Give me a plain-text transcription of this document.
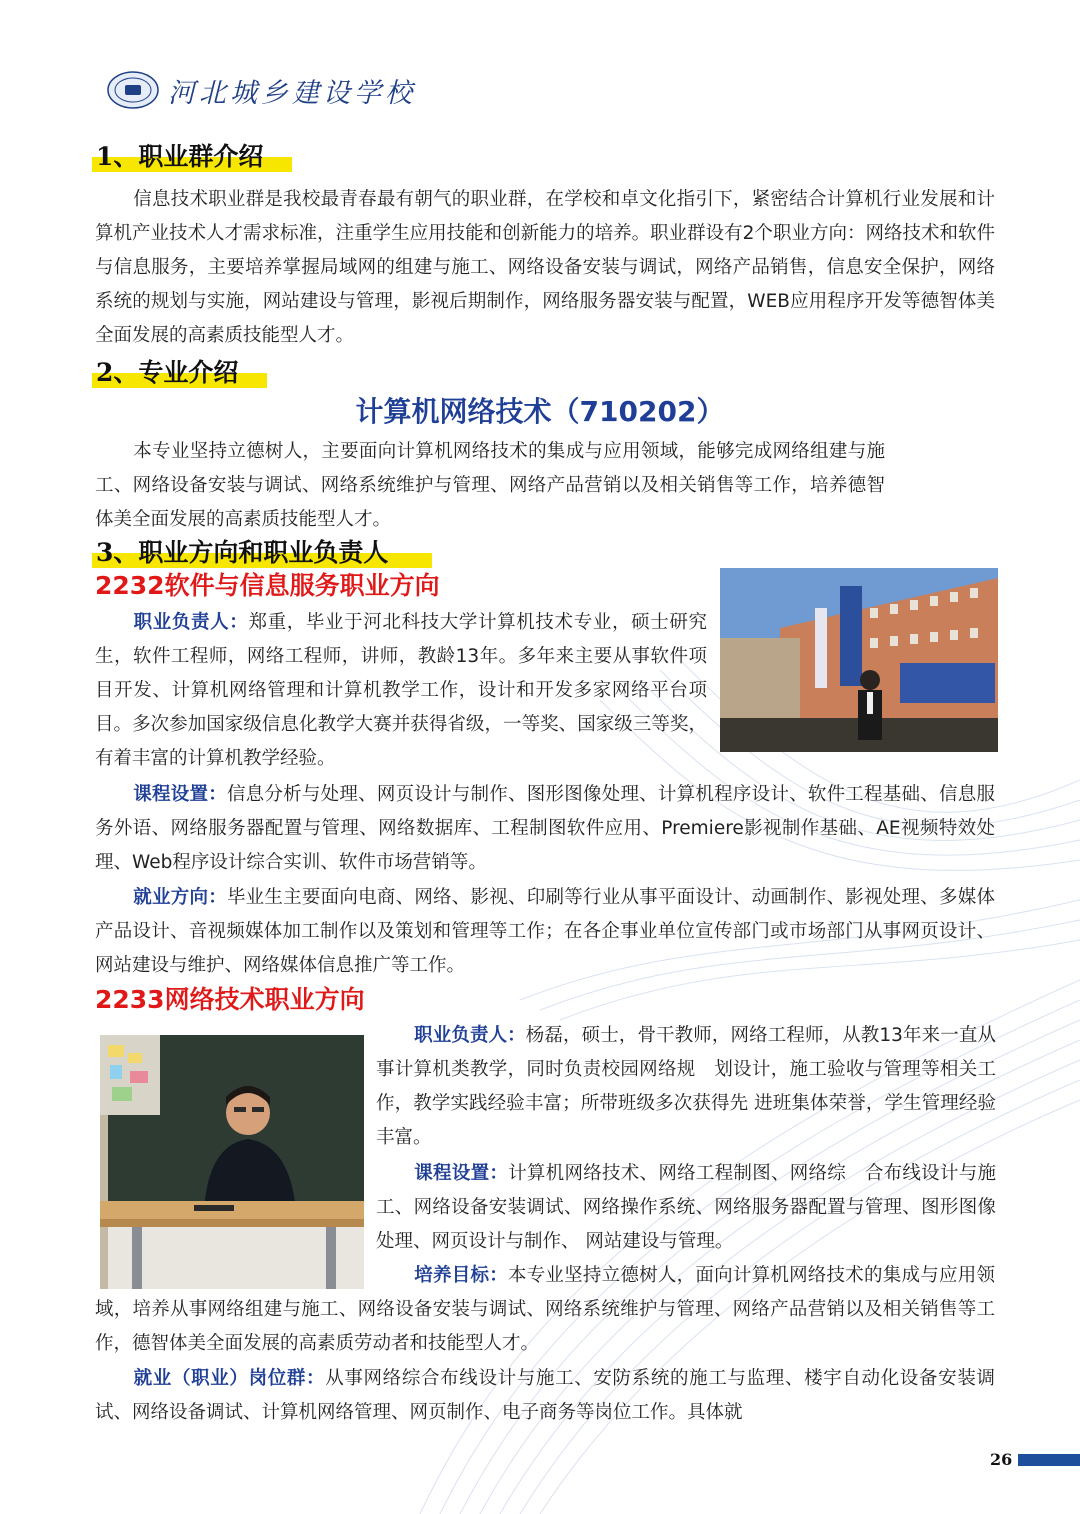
河北城乡建设学校
1、职业群介绍

信息技术职业群是我校最青春最有朝气的职业群，在学校和卓文化指引下，紧密结合计算机行业发展和计算机产业技术人才需求标准，注重学生应用技能和创新能力的培养。职业群设有2个职业方向：网络技术和软件与信息服务，主要培养掌握局域网的组建与施工、网络设备安装与调试，网络产品销售，信息安全保护，网络系统的规划与实施，网站建设与管理，影视后期制作，网络服务器安装与配置，WEB应用程序开发等德智体美全面发展的高素质技能型人才。

2、专业介绍
计算机网络技术（710202）

本专业坚持立德树人，主要面向计算机网络技术的集成与应用领域，能够完成网络组建与施工、网络设备安装与调试、网络系统维护与管理、网络产品营销以及相关销售等工作，培养德智体美全面发展的高素质技能型人才。

3、职业方向和职业负责人
2232软件与信息服务职业方向

职业负责人：郑重，毕业于河北科技大学计算机技术专业，硕士研究生，软件工程师，网络工程师，讲师，教龄13年。多年来主要从事软件项目开发、计算机网络管理和计算机教学工作，设计和开发多家网络平台项目。多次参加国家级信息化教学大赛并获得省级，一等奖、国家级三等奖，有着丰富的计算机教学经验。

课程设置：信息分析与处理、网页设计与制作、图形图像处理、计算机程序设计、软件工程基础、信息服务外语、网络服务器配置与管理、网络数据库、工程制图软件应用、Premiere影视制作基础、AE视频特效处理、Web程序设计综合实训、软件市场营销等。

就业方向：毕业生主要面向电商、网络、影视、印刷等行业从事平面设计、动画制作、影视处理、多媒体产品设计、音视频媒体加工制作以及策划和管理等工作；在各企事业单位宣传部门或市场部门从事网页设计、网站建设与维护、网络媒体信息推广等工作。

2233网络技术职业方向

职业负责人：杨磊，硕士，骨干教师，网络工程师，从教13年来一直从事计算机类教学，同时负责校园网络规　划设计，施工验收与管理等相关工作，教学实践经验丰富；所带班级多次获得先 进班集体荣誉，学生管理经验丰富。

课程设置：计算机网络技术、网络工程制图、网络综　合布线设计与施工、网络设备安装调试、网络操作系统、网络服务器配置与管理、图形图像处理、网页设计与制作、 网站建设与管理。

培养目标：本专业坚持立德树人，面向计算机网络技术的集成与应用领域，培养从事网络组建与施工、网络设备安装与调试、网络系统维护与管理、网络产品营销以及相关销售等工作，德智体美全面发展的高素质劳动者和技能型人才。

就业（职业）岗位群：从事网络综合布线设计与施工、安防系统的施工与监理、楼宇自动化设备安装调试、网络设备调试、计算机网络管理、网页制作、电子商务等岗位工作。具体就

26
